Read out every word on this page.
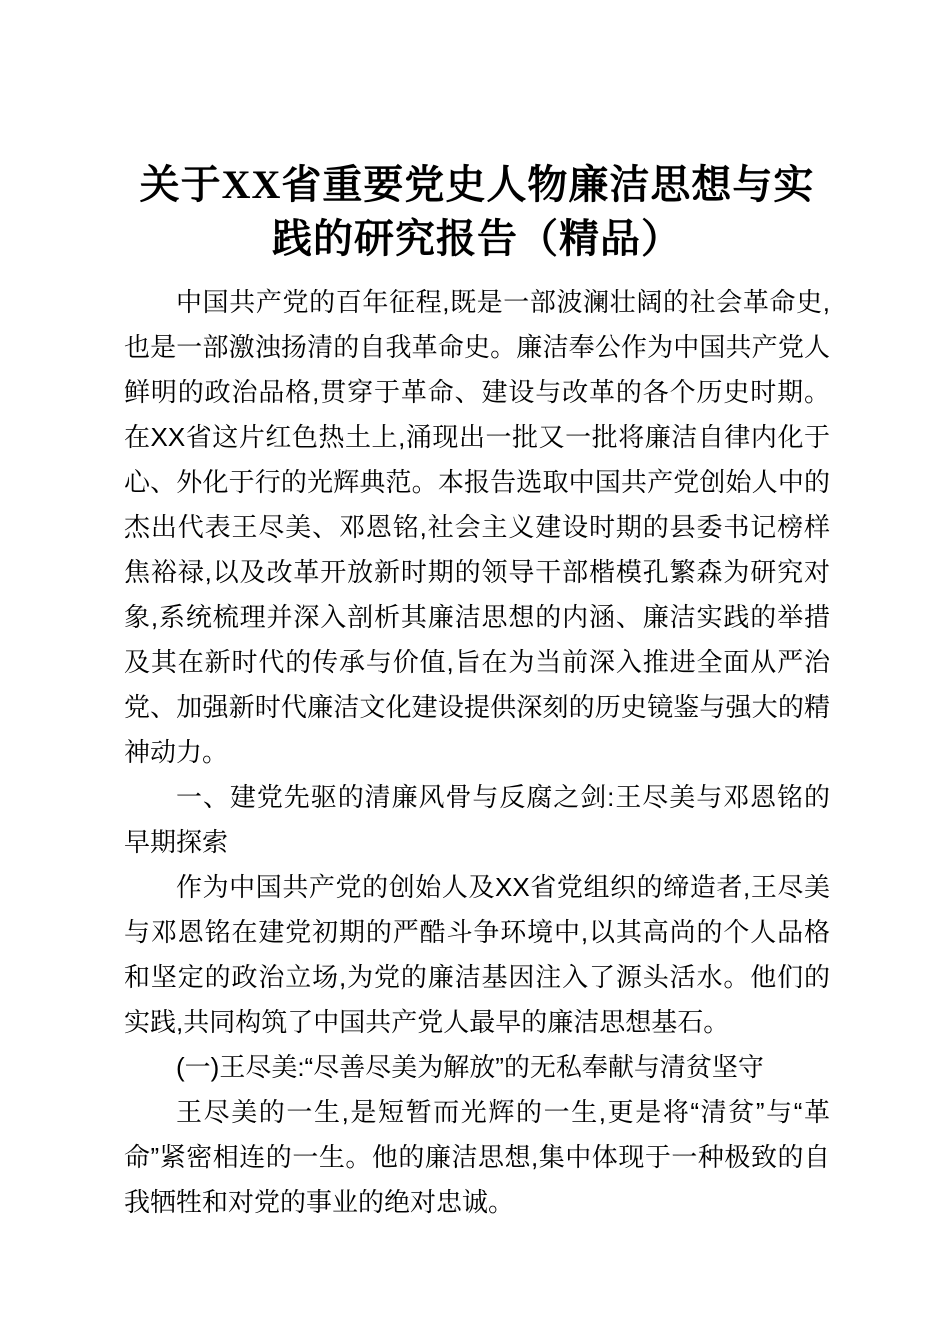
关于XX省重要党史人物廉洁思想与实践的研究报告（精品）

中国共产党的百年征程,既是一部波澜壮阔的社会革命史,也是一部激浊扬清的自我革命史。廉洁奉公作为中国共产党人鲜明的政治品格,贯穿于革命、建设与改革的各个历史时期。在XX省这片红色热土上,涌现出一批又一批将廉洁自律内化于心、外化于行的光辉典范。本报告选取中国共产党创始人中的杰出代表王尽美、邓恩铭,社会主义建设时期的县委书记榜样焦裕禄,以及改革开放新时期的领导干部楷模孔繁森为研究对象,系统梳理并深入剖析其廉洁思想的内涵、廉洁实践的举措及其在新时代的传承与价值,旨在为当前深入推进全面从严治党、加强新时代廉洁文化建设提供深刻的历史镜鉴与强大的精神动力。

一、建党先驱的清廉风骨与反腐之剑:王尽美与邓恩铭的早期探索

作为中国共产党的创始人及XX省党组织的缔造者,王尽美与邓恩铭在建党初期的严酷斗争环境中,以其高尚的个人品格和坚定的政治立场,为党的廉洁基因注入了源头活水。他们的实践,共同构筑了中国共产党人最早的廉洁思想基石。

(一)王尽美:“尽善尽美为解放”的无私奉献与清贫坚守

王尽美的一生,是短暂而光辉的一生,更是将“清贫”与“革命”紧密相连的一生。他的廉洁思想,集中体现于一种极致的自我牺牲和对党的事业的绝对忠诚。
